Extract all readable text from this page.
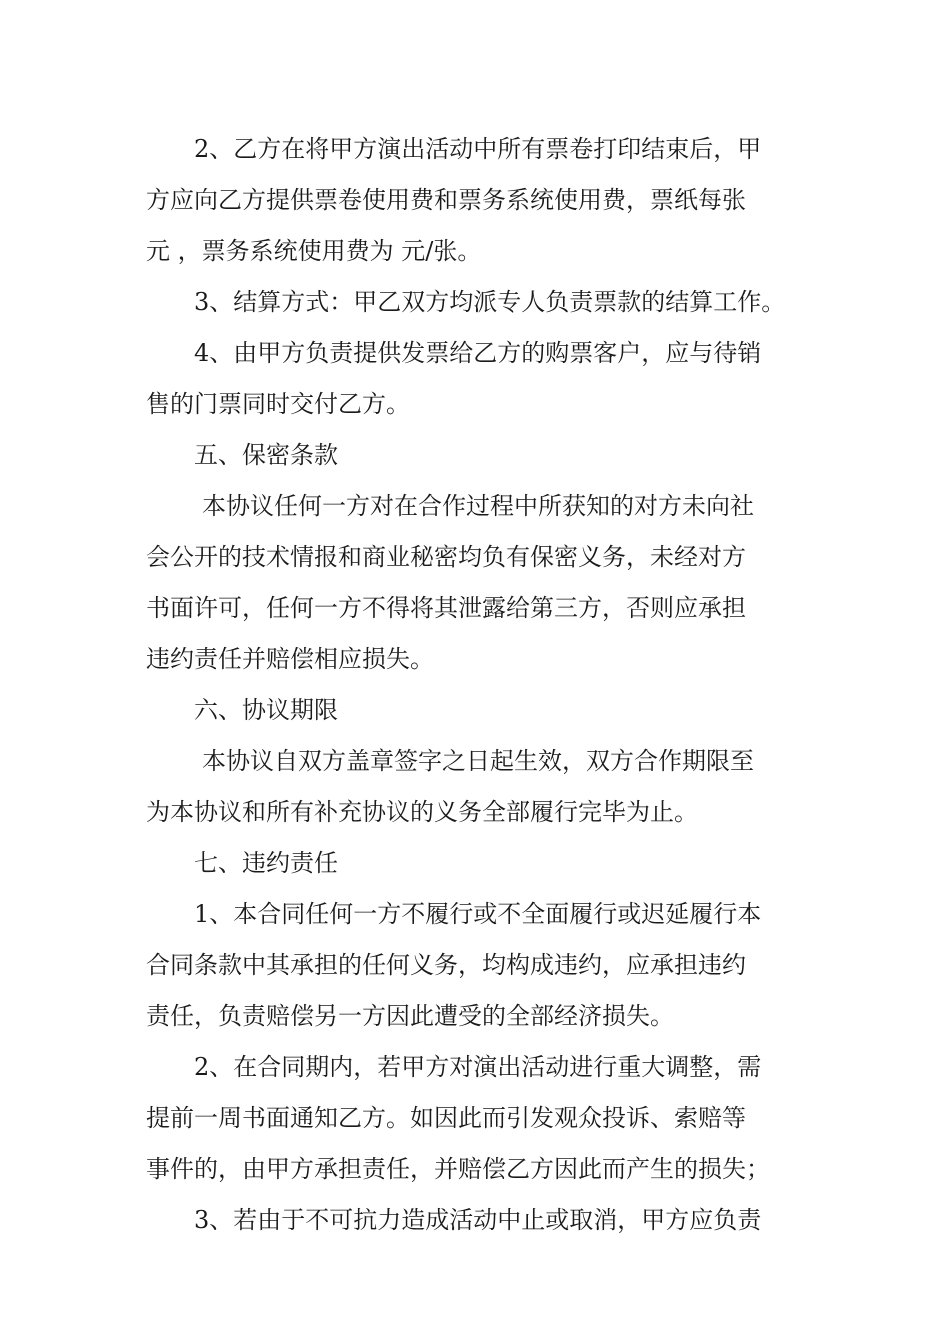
2、乙方在将甲方演出活动中所有票卷打印结束后，甲
方应向乙方提供票卷使用费和票务系统使用费，票纸每张
元 ，票务系统使用费为 元/张。
3、结算方式：甲乙双方均派专人负责票款的结算工作。
4、由甲方负责提供发票给乙方的购票客户，应与待销
售的门票同时交付乙方。
五、保密条款
本协议任何一方对在合作过程中所获知的对方未向社
会公开的技术情报和商业秘密均负有保密义务，未经对方
书面许可，任何一方不得将其泄露给第三方，否则应承担
违约责任并赔偿相应损失。
六、协议期限
本协议自双方盖章签字之日起生效，双方合作期限至
为本协议和所有补充协议的义务全部履行完毕为止。
七、违约责任
1、本合同任何一方不履行或不全面履行或迟延履行本
合同条款中其承担的任何义务，均构成违约，应承担违约
责任，负责赔偿另一方因此遭受的全部经济损失。
2、在合同期内，若甲方对演出活动进行重大调整，需
提前一周书面通知乙方。如因此而引发观众投诉、索赔等
事件的，由甲方承担责任，并赔偿乙方因此而产生的损失；
3、若由于不可抗力造成活动中止或取消，甲方应负责
